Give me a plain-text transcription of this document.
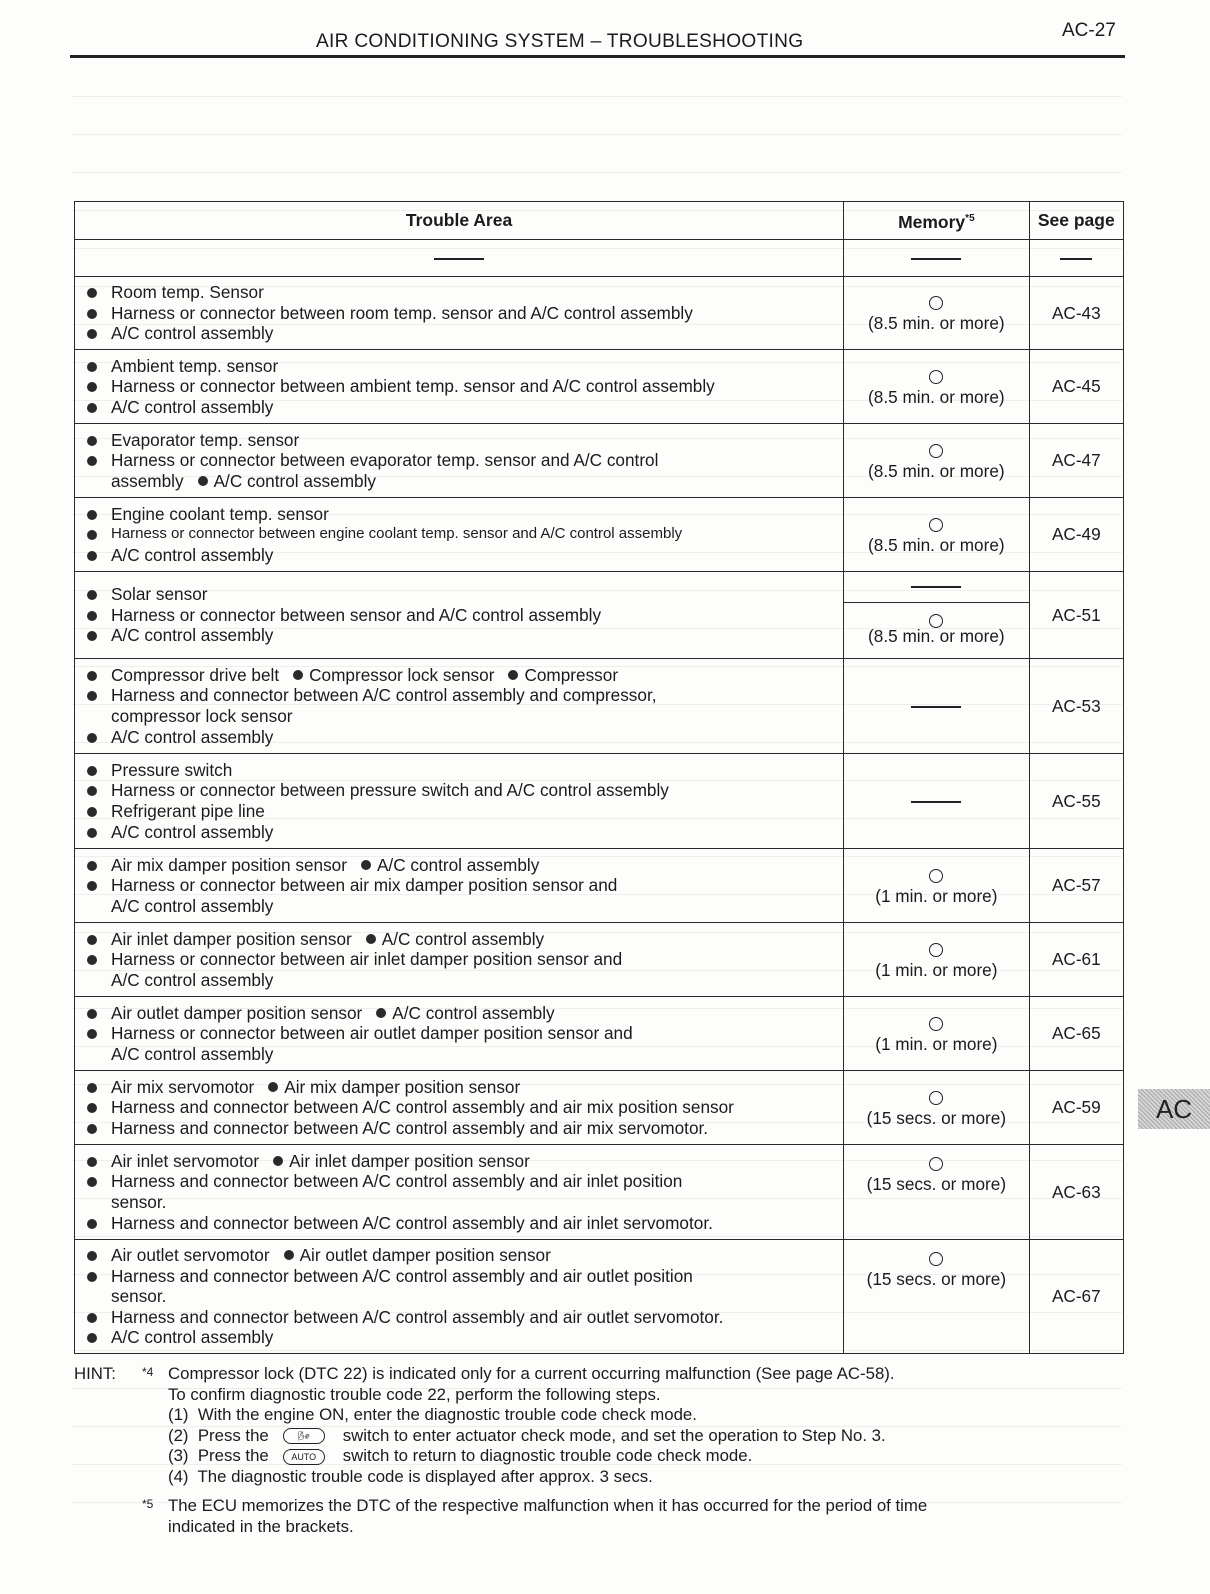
AIR CONDITIONING SYSTEM – TROUBLESHOOTING	AC-27
Trouble Area	Memory$^{*5}$	See page

Room temp. Sensor
Harness or connector between room temp. sensor and A/C control assembly
A/C control assembly	(8.5 min. or more)	AC-43

Ambient temp. sensor
Harness or connector between ambient temp. sensor and A/C control assembly
A/C control assembly	(8.5 min. or more)	AC-45

Evaporator temp. sensor
Harness or connector between evaporator temp. sensor and A/C control
assembly A/C control assembly	(8.5 min. or more)	AC-47

Engine coolant temp. sensor
Harness or connector between engine coolant temp. sensor and A/C control assembly
A/C control assembly	(8.5 min. or more)	AC-49

Solar sensor
Harness or connector between sensor and A/C control assembly
A/C control assembly	(8.5 min. or more)	AC-51

Compressor drive belt Compressor lock sensor Compressor
Harness and connector between A/C control assembly and compressor,
compressor lock sensor
A/C control assembly		AC-53

Pressure switch
Harness or connector between pressure switch and A/C control assembly
Refrigerant pipe line
A/C control assembly		AC-55

Air mix damper position sensor A/C control assembly
Harness or connector between air mix damper position sensor and
A/C control assembly	(1 min. or more)	AC-57

Air inlet damper position sensor A/C control assembly
Harness or connector between air inlet damper position sensor and
A/C control assembly	(1 min. or more)	AC-61

Air outlet damper position sensor A/C control assembly
Harness or connector between air outlet damper position sensor and
A/C control assembly	(1 min. or more)	AC-65

Air mix servomotor Air mix damper position sensor
Harness and connector between A/C control assembly and air mix position sensor
Harness and connector between A/C control assembly and air mix servomotor.	(15 secs. or more)	AC-59

Air inlet servomotor Air inlet damper position sensor
Harness and connector between A/C control assembly and air inlet position
sensor.
Harness and connector between A/C control assembly and air inlet servomotor.	(15 secs. or more)	AC-63

Air outlet servomotor Air outlet damper position sensor
Harness and connector between A/C control assembly and air outlet position
sensor.
Harness and connector between A/C control assembly and air outlet servomotor.
A/C control assembly	(15 secs. or more)	AC-67
HINT: *4 Compressor lock (DTC 22) is indicated only for a current occurring malfunction (See page AC-58).
To confirm diagnostic trouble code 22, perform the following steps.
(1) With the engine ON, enter the diagnostic trouble code check mode.
(2) Press the	🌬︎ switch to enter actuator check mode, and set the operation to Step No. 3.
(3) Press the	AUTO switch to return to diagnostic trouble code check mode.
(4) The diagnostic trouble code is displayed after approx. 3 secs.
*5 The ECU memorizes the DTC of the respective malfunction when it has occurred for the period of time
indicated in the brackets.
AC
